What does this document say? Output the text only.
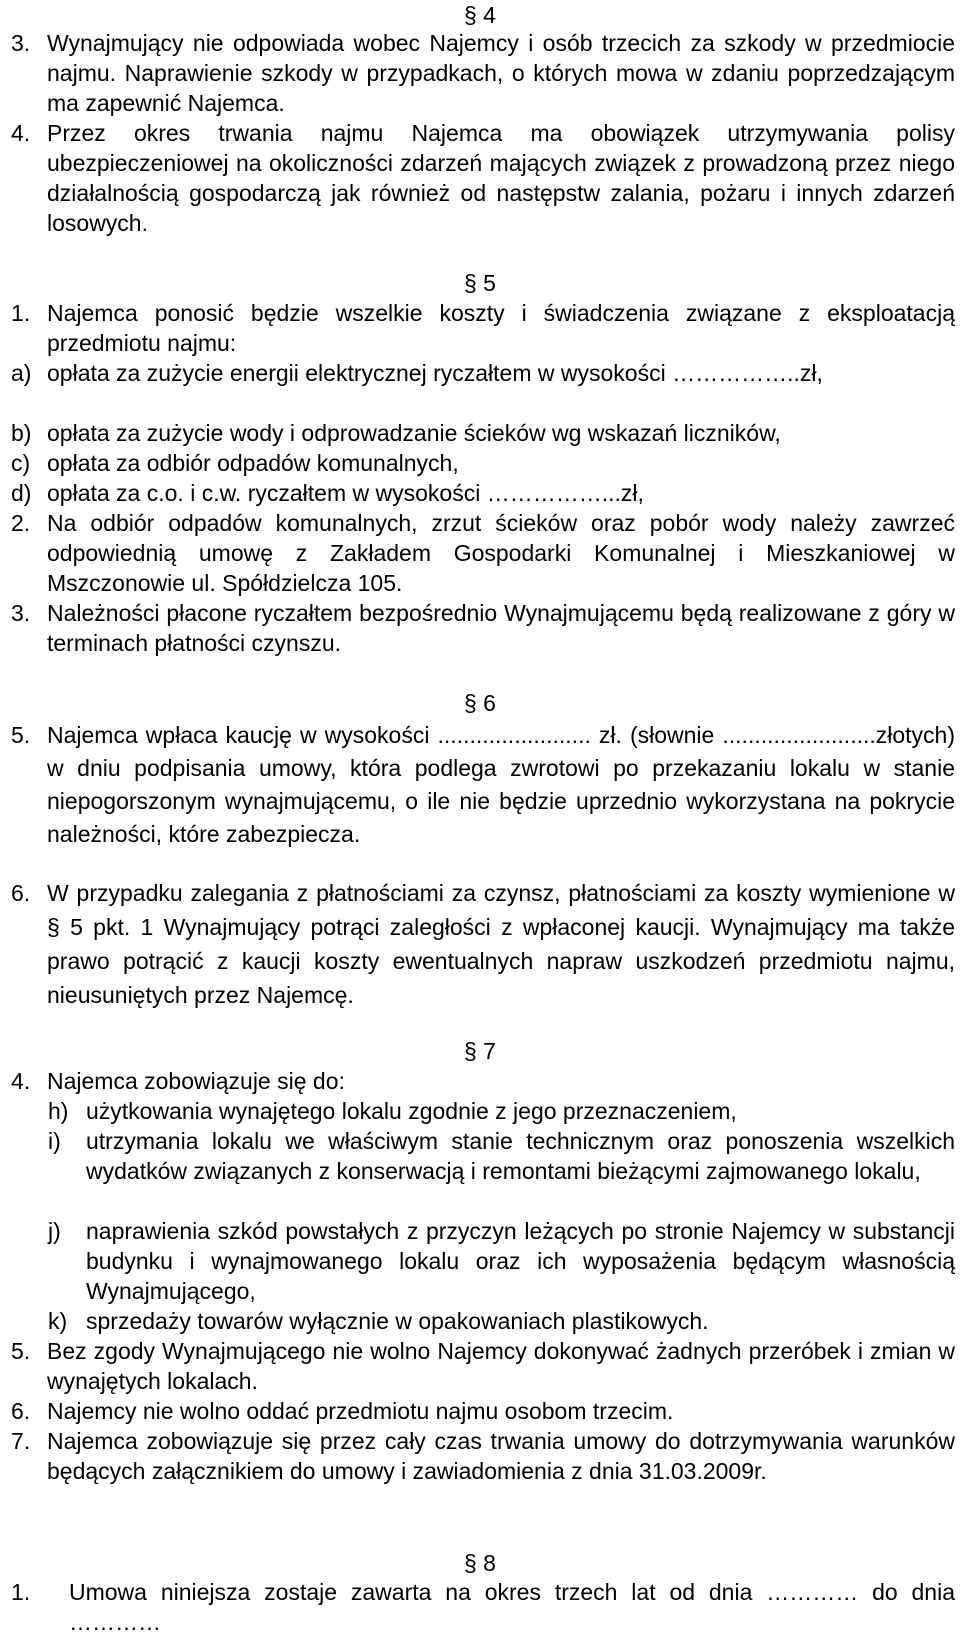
§ 4
3. Wynajmujący nie odpowiada wobec Najemcy i osób trzecich za szkody w przedmiocie najmu. Naprawienie szkody w przypadkach, o których mowa w zdaniu poprzedzającym ma zapewnić Najemca.
4. Przez okres trwania najmu Najemca ma obowiązek utrzymywania polisy ubezpieczeniowej na okoliczności zdarzeń mających związek z prowadzoną przez niego działalnością gospodarczą jak również od następstw zalania, pożaru i innych zdarzeń losowych.
§ 5
1. Najemca ponosić będzie wszelkie koszty i świadczenia związane z eksploatacją przedmiotu najmu:
a) opłata za zużycie energii elektrycznej ryczałtem w wysokości ……………..zł,
b) opłata za zużycie wody i odprowadzanie ścieków wg wskazań liczników,
c) opłata za odbiór odpadów komunalnych,
d) opłata za c.o. i c.w. ryczałtem w wysokości ……………...zł,
2. Na odbiór odpadów komunalnych, zrzut ścieków oraz pobór wody należy zawrzeć odpowiednią umowę z Zakładem Gospodarki Komunalnej i Mieszkaniowej w Mszczonowie ul. Spółdzielcza 105.
3. Należności płacone ryczałtem bezpośrednio Wynajmującemu będą realizowane z góry w terminach płatności czynszu.
§ 6
5. Najemca wpłaca kaucję w wysokości ........................ zł. (słownie ........................złotych) w dniu podpisania umowy, która podlega zwrotowi po przekazaniu lokalu w stanie niepogorszonym wynajmującemu, o ile nie będzie uprzednio wykorzystana na pokrycie należności, które zabezpiecza.
6. W przypadku zalegania z płatnościami za czynsz, płatnościami za koszty wymienione w § 5 pkt. 1 Wynajmujący potrąci zaległości z wpłaconej kaucji. Wynajmujący ma także prawo potrącić z kaucji koszty ewentualnych napraw uszkodzeń przedmiotu najmu, nieusuniętych przez Najemcę.
§ 7
4. Najemca zobowiązuje się do:
h) użytkowania wynajętego lokalu zgodnie z jego przeznaczeniem,
i)	utrzymania lokalu we właściwym stanie technicznym oraz ponoszenia wszelkich wydatków związanych z konserwacją i remontami bieżącymi zajmowanego lokalu,
j)	naprawienia szkód powstałych z przyczyn leżących po stronie Najemcy w substancji budynku i wynajmowanego lokalu oraz ich wyposażenia będącym własnością Wynajmującego,
k) sprzedaży towarów wyłącznie w opakowaniach plastikowych.
5. Bez zgody Wynajmującego nie wolno Najemcy dokonywać żadnych przeróbek i zmian w wynajętych lokalach.
6. Najemcy nie wolno oddać przedmiotu najmu osobom trzecim.
7. Najemca zobowiązuje się przez cały czas trwania umowy do dotrzymywania warunków będących załącznikiem do umowy i zawiadomienia z dnia 31.03.2009r.
§ 8
1.	Umowa niniejsza zostaje zawarta na okres trzech lat od dnia ………… do dnia …………
